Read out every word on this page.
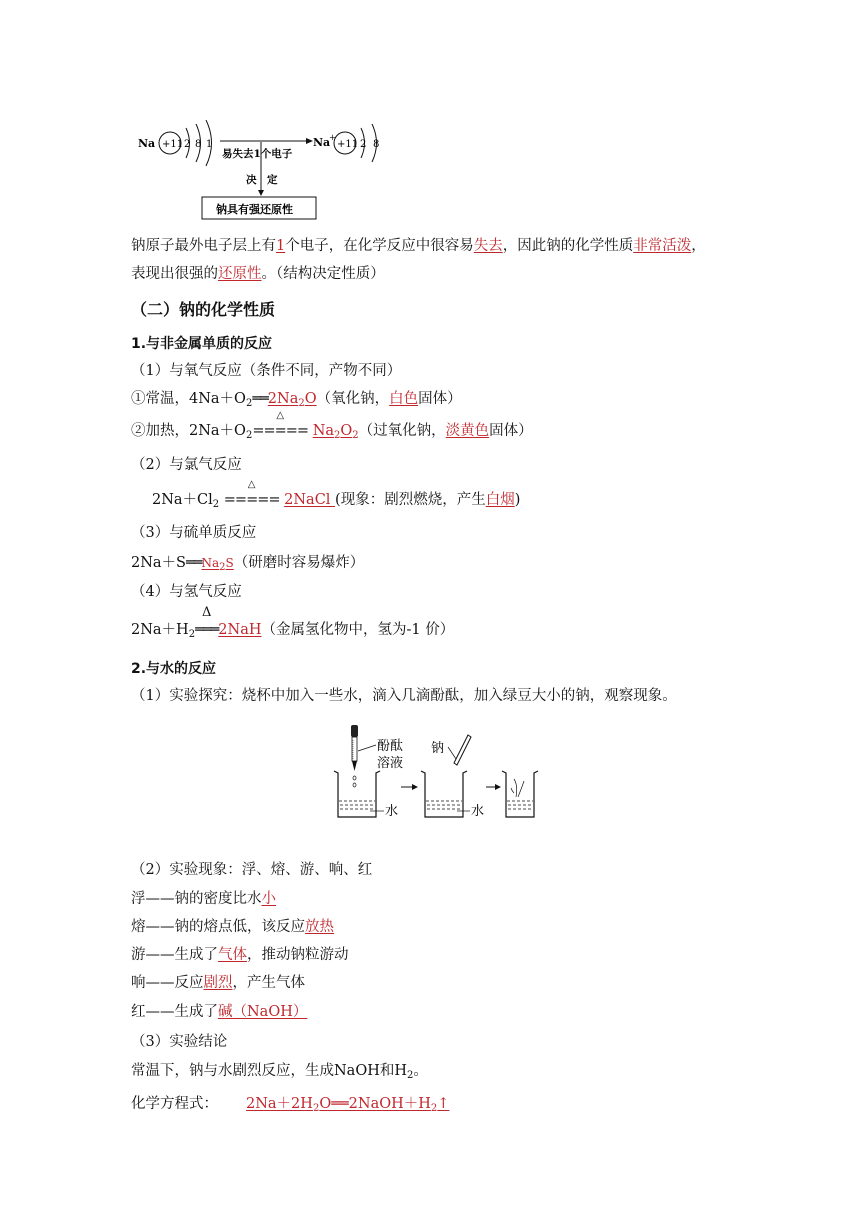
Na +11 2 8 1
易失去1个电子
Na
+
+11 2 8
决　定
钠具有强还原性
钠原子最外电子层上有1个电子，在化学反应中很容易失去，因此钠的化学性质非常活泼，
表现出很强的还原性。（结构决定性质）
（二）钠的化学性质
1.与非金属单质的反应
（1）与氧气反应（条件不同，产物不同）
①常温，$4Na+O_2══2Na_2O$（氧化钠，白色固体）
②加热，$2Na+O_2$
△
===== $Na_2O_2$（过氧化钠，淡黄色固体）
（2）与氯气反应
$2Na+Cl_2$
△
===== 2NaCl (现象：剧烈燃烧，产生白烟)
（3）与硫单质反应
$2Na+S══Na_2S$（研磨时容易爆炸）
（4）与氢气反应
$2Na+H_2$
Δ
═══2NaH（金属氢化物中，氢为-1 价）
2.与水的反应
（1）实验探究：烧杯中加入一些水，滴入几滴酚酞，加入绿豆大小的钠，观察现象。
酚酞
溶液
水
钠
水
（2）实验现象：浮、熔、游、响、红
浮——钠的密度比水小
熔——钠的熔点低，该反应放热
游——生成了气体，推动钠粒游动
响——反应剧烈，产生气体
红——生成了碱（NaOH）
（3）实验结论
常温下，钠与水剧烈反应，生成NaOH和$H_2$。
化学方程式： $2Na+2H_2O══2NaOH+H_2↑$
